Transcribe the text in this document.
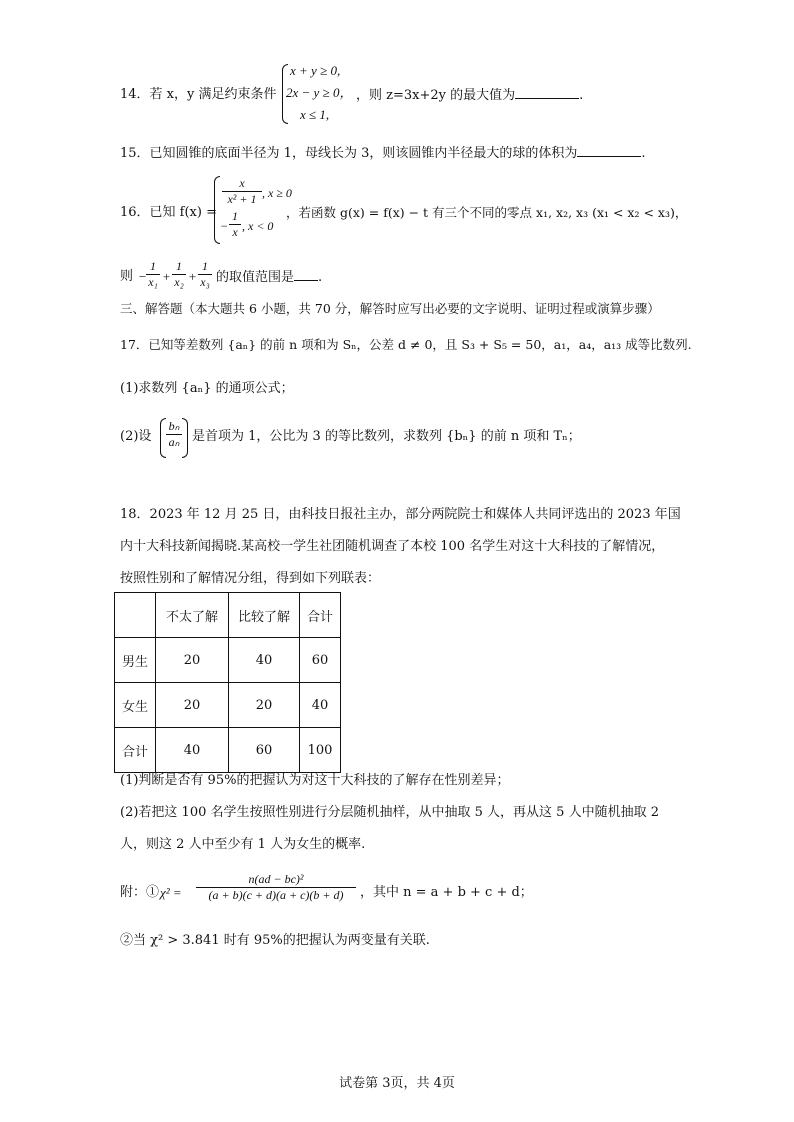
14．若 x，y 满足约束条件
x + y ≥ 0,
2x − y ≥ 0，
x ≤ 1,
，则 z=3x+2y 的最大值为	.
15．已知圆锥的底面半径为 1，母线长为 3，则该圆锥内半径最大的球的体积为	.
16．已知 f(x) =
x
x² + 1 , x ≥ 0
−
1
x , x < 0
，若函数 g(x) = f(x) − t 有三个不同的零点 x₁, x₂, x₃ (x₁ < x₂ < x₃)，
则 −
1
x₁ +
1
x₂ +
1
x₃ 的取值范围是 .
三、解答题（本大题共 6 小题，共 70 分，解答时应写出必要的文字说明、证明过程或演算步骤）
17．已知等差数列 {aₙ} 的前 n 项和为 Sₙ，公差 d ≠ 0，且 S₃ + S₅ = 50，a₁，a₄，a₁₃ 成等比数列.
(1)求数列 {aₙ} 的通项公式；
(2)设
bₙ
aₙ 是首项为 1，公比为 3 的等比数列，求数列 {bₙ} 的前 n 项和 Tₙ；
18．2023 年 12 月 25 日，由科技日报社主办，部分两院院士和媒体人共同评选出的 2023 年国
内十大科技新闻揭晓.某高校一学生社团随机调查了本校 100 名学生对这十大科技的了解情况，
按照性别和了解情况分组，得到如下列联表：
	不太了解	比较了解	合计
男生	20	40	60
女生	20	20	40
合计	40	60	100
(1)判断是否有 95%的把握认为对这十大科技的了解存在性别差异；
(2)若把这 100 名学生按照性别进行分层随机抽样，从中抽取 5 人，再从这 5 人中随机抽取 2
人，则这 2 人中至少有 1 人为女生的概率.
附：① χ² =
n(ad − bc)²
(a + b)(c + d)(a + c)(b + d)	，其中 n = a + b + c + d；
②当 χ² > 3.841 时有 95%的把握认为两变量有关联.
试卷第 3页，共 4页
